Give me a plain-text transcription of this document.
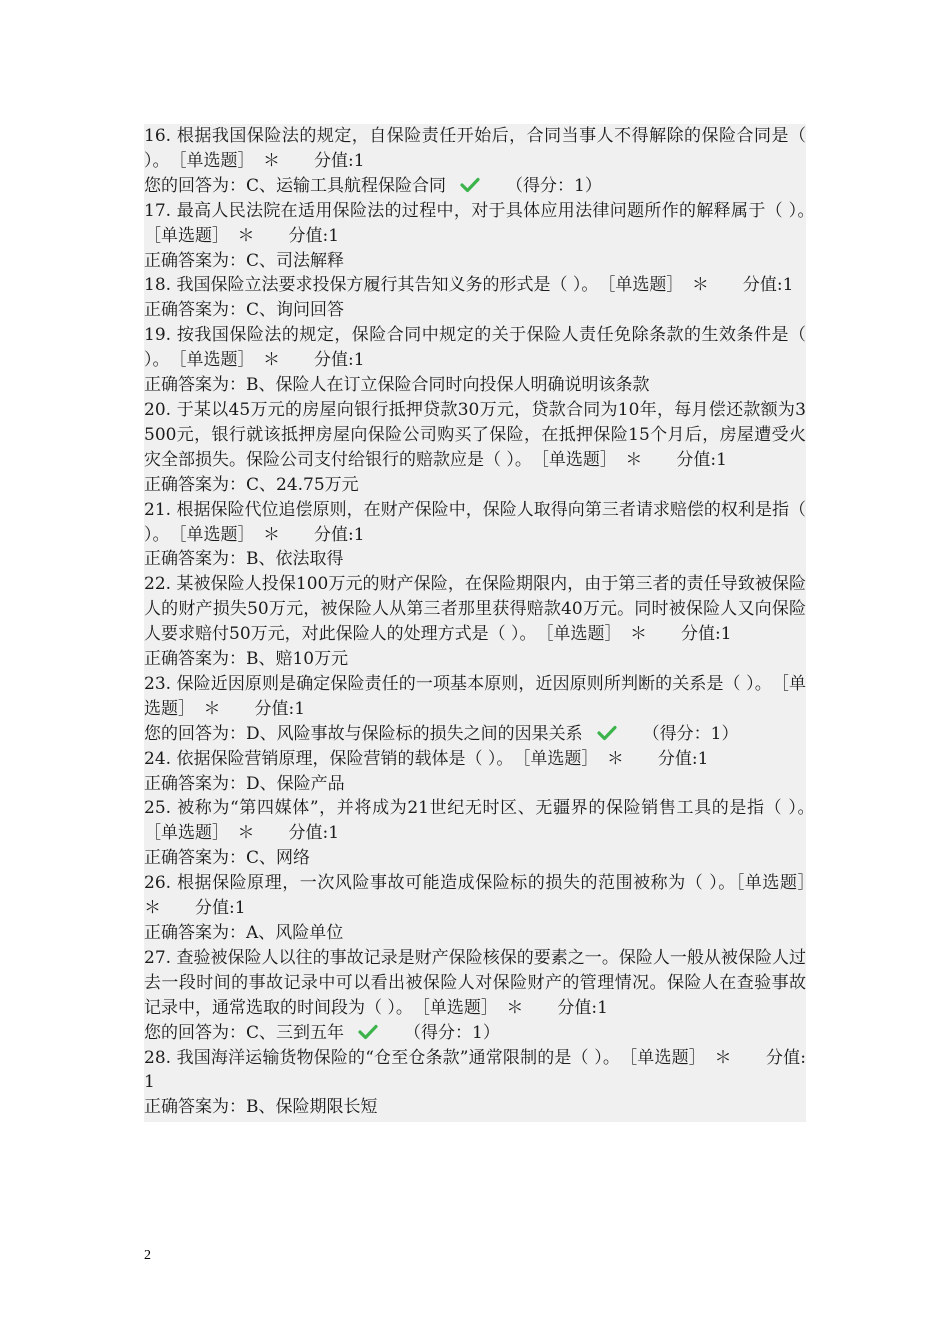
16. 根据我国保险法的规定，自保险责任开始后，合同当事人不得解除的保险合同是（ ）。　［单选题］　＊　　分值:1
您的回答为：C、运输工具航程保险合同	（得分：1）
17. 最高人民法院在适用保险法的过程中，对于具体应用法律问题所作的解释属于（ ）。　［单选题］　＊　　分值:1
正确答案为：C、司法解释
18. 我国保险立法要求投保方履行其告知义务的形式是（ ）。　［单选题］　＊　　分值:1
正确答案为：C、询问回答
19. 按我国保险法的规定，保险合同中规定的关于保险人责任免除条款的生效条件是（ ）。　［单选题］　＊　　分值:1
正确答案为：B、保险人在订立保险合同时向投保人明确说明该条款
20. 于某以45万元的房屋向银行抵押贷款30万元，贷款合同为10年，每月偿还款额为3500元，银行就该抵押房屋向保险公司购买了保险，在抵押保险15个月后，房屋遭受火灾全部损失。保险公司支付给银行的赔款应是（ ）。　［单选题］　＊　　分值:1
正确答案为：C、24.75万元
21. 根据保险代位追偿原则，在财产保险中，保险人取得向第三者请求赔偿的权利是指（ ）。　［单选题］　＊　　分值:1
正确答案为：B、依法取得
22. 某被保险人投保100万元的财产保险，在保险期限内，由于第三者的责任导致被保险人的财产损失50万元，被保险人从第三者那里获得赔款40万元。同时被保险人又向保险人要求赔付50万元，对此保险人的处理方式是（ ）。　［单选题］　＊　　分值:1
正确答案为：B、赔10万元
23. 保险近因原则是确定保险责任的一项基本原则，近因原则所判断的关系是（ ）。　［单选题］　＊　　分值:1
您的回答为：D、风险事故与保险标的损失之间的因果关系	（得分：1）
24. 依据保险营销原理，保险营销的载体是（ ）。　［单选题］　＊　　分值:1
正确答案为：D、保险产品
25. 被称为“第四媒体”，并将成为21世纪无时区、无疆界的保险销售工具的是指（ ）。　［单选题］　＊　　分值:1
正确答案为：C、网络
26. 根据保险原理，一次风险事故可能造成保险标的损失的范围被称为（ ）。［单选题］　＊　　分值:1
正确答案为：A、风险单位
27. 查验被保险人以往的事故记录是财产保险核保的要素之一。保险人一般从被保险人过去一段时间的事故记录中可以看出被保险人对保险财产的管理情况。保险人在查验事故记录中，通常选取的时间段为（ ）。　［单选题］　＊　　分值:1
您的回答为：C、三到五年	（得分：1）
28. 我国海洋运输货物保险的“仓至仓条款”通常限制的是（ ）。　［单选题］　＊　　分值:1
正确答案为：B、保险期限长短
2
